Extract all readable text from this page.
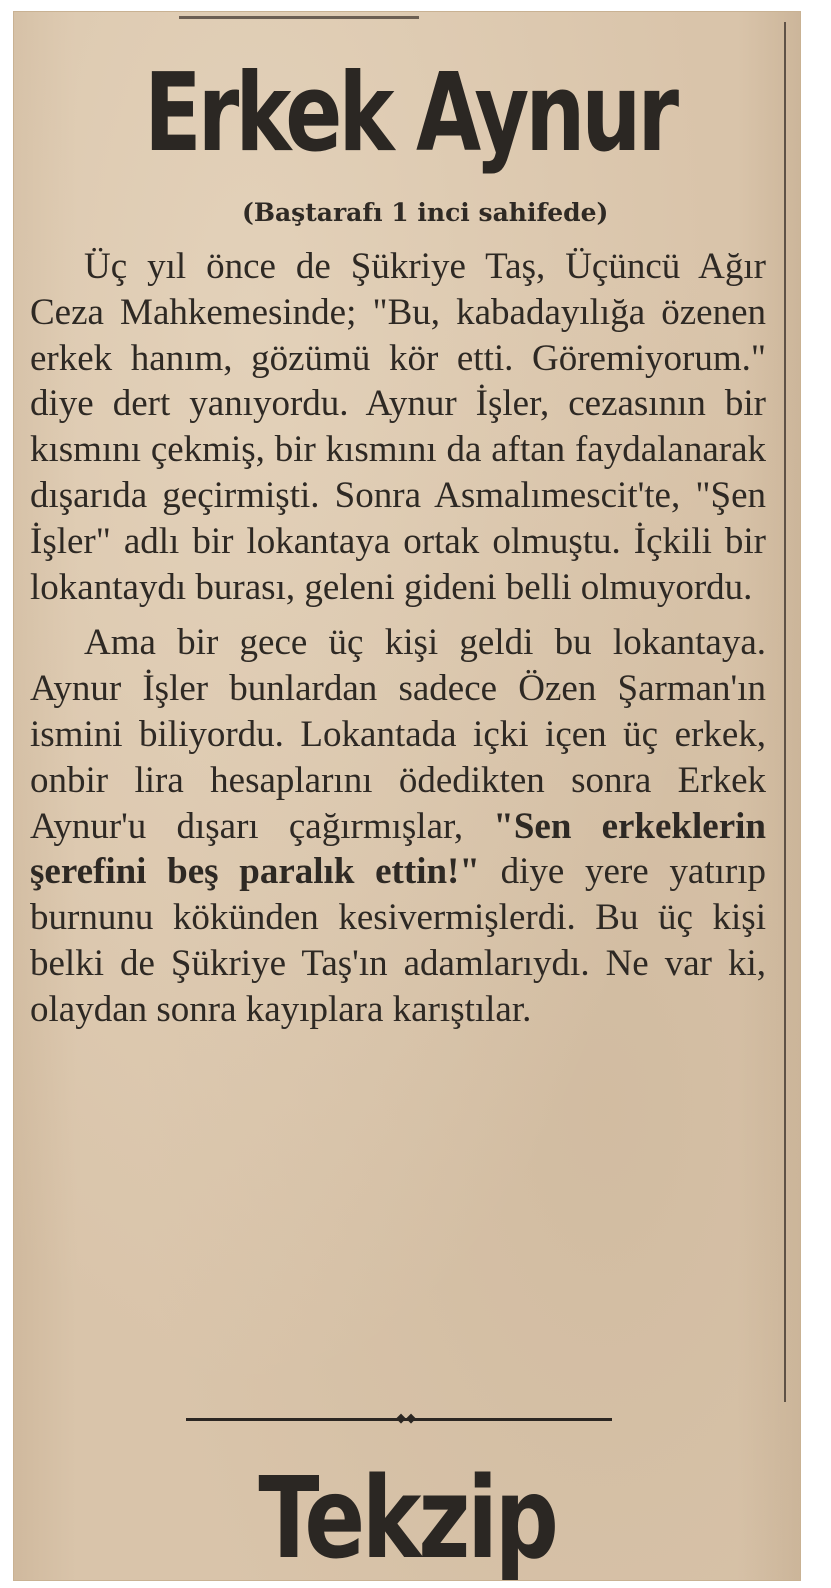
Erkek Aynur
(Baştarafı 1 inci sahifede)

Üç yıl önce de Şükriye Taş, Üçüncü Ağır Ceza Mahkemesinde; "Bu, kabadayılığa özenen erkek hanım, gözümü kör etti. Göremiyorum." diye dert yanıyordu. Aynur İşler, cezasının bir kısmını çekmiş, bir kısmını da aftan faydalanarak dışarıda geçirmişti. Sonra Asmalımescit'te, "Şen İşler" adlı bir lokantaya ortak olmuştu. İçkili bir lokantaydı burası, geleni gideni belli olmuyordu.

Ama bir gece üç kişi geldi bu lokantaya. Aynur İşler bunlardan sadece Özen Şarman'ın ismini biliyordu. Lokantada içki içen üç erkek, onbir lira hesaplarını ödedikten sonra Erkek Aynur'u dışarı çağırmışlar, "Sen erkeklerin şerefini beş paralık ettin!" diye yere yatırıp burnunu kökünden kesivermişlerdi. Bu üç kişi belki de Şükriye Taş'ın adamlarıydı. Ne var ki, olaydan sonra kayıplara karıştılar.

◆◆
Tekzip
